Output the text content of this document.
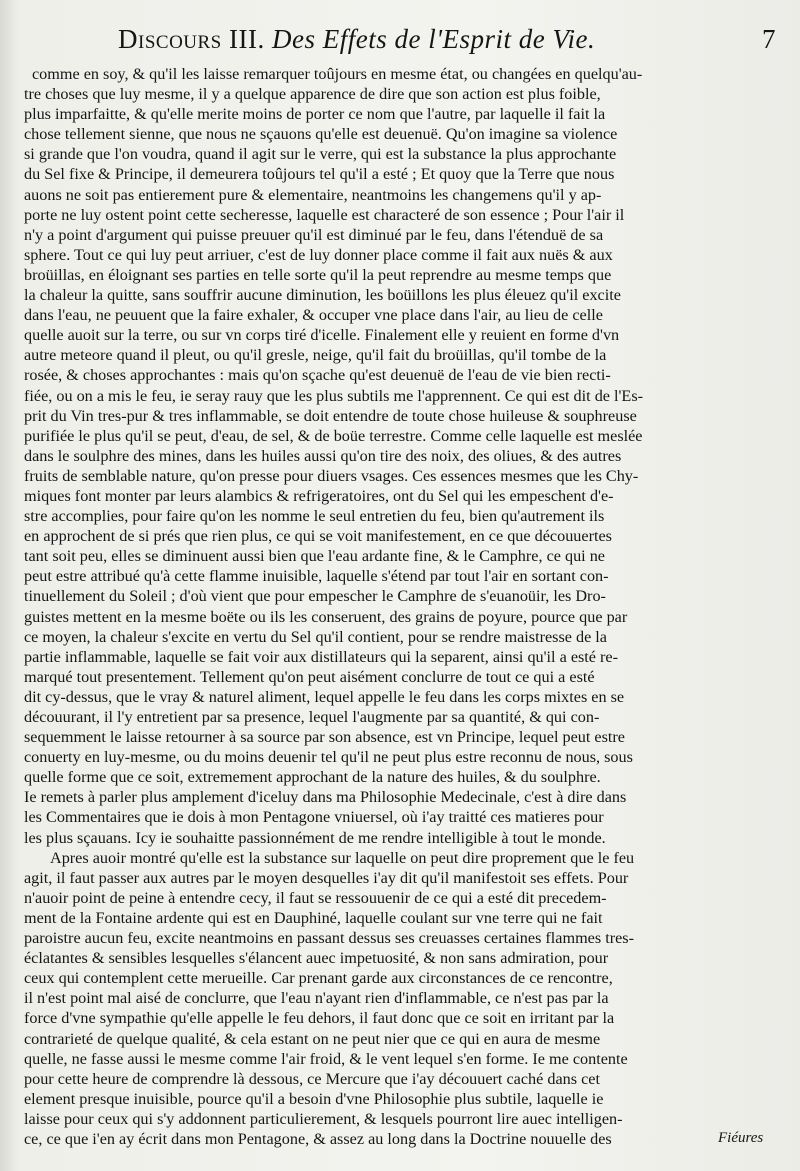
Discours III. Des Effets de l'Esprit de Vie.	7
comme en soy, & qu'il les laisse remarquer toûjours en mesme état, ou changées en quelqu'au-
tre choses que luy mesme, il y a quelque apparence de dire que son action est plus foible,
plus imparfaitte, & qu'elle merite moins de porter ce nom que l'autre, par laquelle il fait la
chose tellement sienne, que nous ne sçauons qu'elle est deuenuë. Qu'on imagine sa violence
si grande que l'on voudra, quand il agit sur le verre, qui est la substance la plus approchante
du Sel fixe & Principe, il demeurera toûjours tel qu'il a esté ; Et quoy que la Terre que nous
auons ne soit pas entierement pure & elementaire, neantmoins les changemens qu'il y ap-
porte ne luy ostent point cette secheresse, laquelle est characteré de son essence ; Pour l'air il
n'y a point d'argument qui puisse preuuer qu'il est diminué par le feu, dans l'étenduë de sa
sphere. Tout ce qui luy peut arriuer, c'est de luy donner place comme il fait aux nuës & aux
broüillas, en éloignant ses parties en telle sorte qu'il la peut reprendre au mesme temps que
la chaleur la quitte, sans souffrir aucune diminution, les boüillons les plus éleuez qu'il excite
dans l'eau, ne peuuent que la faire exhaler, & occuper vne place dans l'air, au lieu de celle
quelle auoit sur la terre, ou sur vn corps tiré d'icelle. Finalement elle y reuient en forme d'vn
autre meteore quand il pleut, ou qu'il gresle, neige, qu'il fait du broüillas, qu'il tombe de la
rosée, & choses approchantes : mais qu'on sçache qu'est deuenuë de l'eau de vie bien recti-
fiée, ou on a mis le feu, ie seray rauy que les plus subtils me l'apprennent. Ce qui est dit de l'Es-
prit du Vin tres-pur & tres inflammable, se doit entendre de toute chose huileuse & souphreuse
purifiée le plus qu'il se peut, d'eau, de sel, & de boüe terrestre. Comme celle laquelle est meslée
dans le soulphre des mines, dans les huiles aussi qu'on tire des noix, des oliues, & des autres
fruits de semblable nature, qu'on presse pour diuers vsages. Ces essences mesmes que les Chy-
miques font monter par leurs alambics & refrigeratoires, ont du Sel qui les empeschent d'e-
stre accomplies, pour faire qu'on les nomme le seul entretien du feu, bien qu'autrement ils
en approchent de si prés que rien plus, ce qui se voit manifestement, en ce que découuertes
tant soit peu, elles se diminuent aussi bien que l'eau ardante fine, & le Camphre, ce qui ne
peut estre attribué qu'à cette flamme inuisible, laquelle s'étend par tout l'air en sortant con-
tinuellement du Soleil ; d'où vient que pour empescher le Camphre de s'euanoüir, les Dro-
guistes mettent en la mesme boëte ou ils les conseruent, des grains de poyure, pource que par
ce moyen, la chaleur s'excite en vertu du Sel qu'il contient, pour se rendre maistresse de la
partie inflammable, laquelle se fait voir aux distillateurs qui la separent, ainsi qu'il a esté re-
marqué tout presentement. Tellement qu'on peut aisément conclurre de tout ce qui a esté
dit cy-dessus, que le vray & naturel aliment, lequel appelle le feu dans les corps mixtes en se
découurant, il l'y entretient par sa presence, lequel l'augmente par sa quantité, & qui con-
sequemment le laisse retourner à sa source par son absence, est vn Principe, lequel peut estre
conuerty en luy-mesme, ou du moins deuenir tel qu'il ne peut plus estre reconnu de nous, sous
quelle forme que ce soit, extremement approchant de la nature des huiles, & du soulphre.
Ie remets à parler plus amplement d'iceluy dans ma Philosophie Medecinale, c'est à dire dans
les Commentaires que ie dois à mon Pentagone vniuersel, où i'ay traitté ces matieres pour
les plus sçauans. Icy ie souhaitte passionnément de me rendre intelligible à tout le monde.
Apres auoir montré qu'elle est la substance sur laquelle on peut dire proprement que le feu
agit, il faut passer aux autres par le moyen desquelles i'ay dit qu'il manifestoit ses effets. Pour
n'auoir point de peine à entendre cecy, il faut se ressouuenir de ce qui a esté dit precedem-
ment de la Fontaine ardente qui est en Dauphiné, laquelle coulant sur vne terre qui ne fait
paroistre aucun feu, excite neantmoins en passant dessus ses creuasses certaines flammes tres-
éclatantes & sensibles lesquelles s'élancent auec impetuosité, & non sans admiration, pour
ceux qui contemplent cette merueille. Car prenant garde aux circonstances de ce rencontre,
il n'est point mal aisé de conclurre, que l'eau n'ayant rien d'inflammable, ce n'est pas par la
force d'vne sympathie qu'elle appelle le feu dehors, il faut donc que ce soit en irritant par la
contrarieté de quelque qualité, & cela estant on ne peut nier que ce qui en aura de mesme
quelle, ne fasse aussi le mesme comme l'air froid, & le vent lequel s'en forme. Ie me contente
pour cette heure de comprendre là dessous, ce Mercure que i'ay découuert caché dans cet
element presque inuisible, pource qu'il a besoin d'vne Philosophie plus subtile, laquelle ie
laisse pour ceux qui s'y addonnent particulierement, & lesquels pourront lire auec intelligen-
ce, ce que i'en ay écrit dans mon Pentagone, & assez au long dans la Doctrine nouuelle des	Fiéures
